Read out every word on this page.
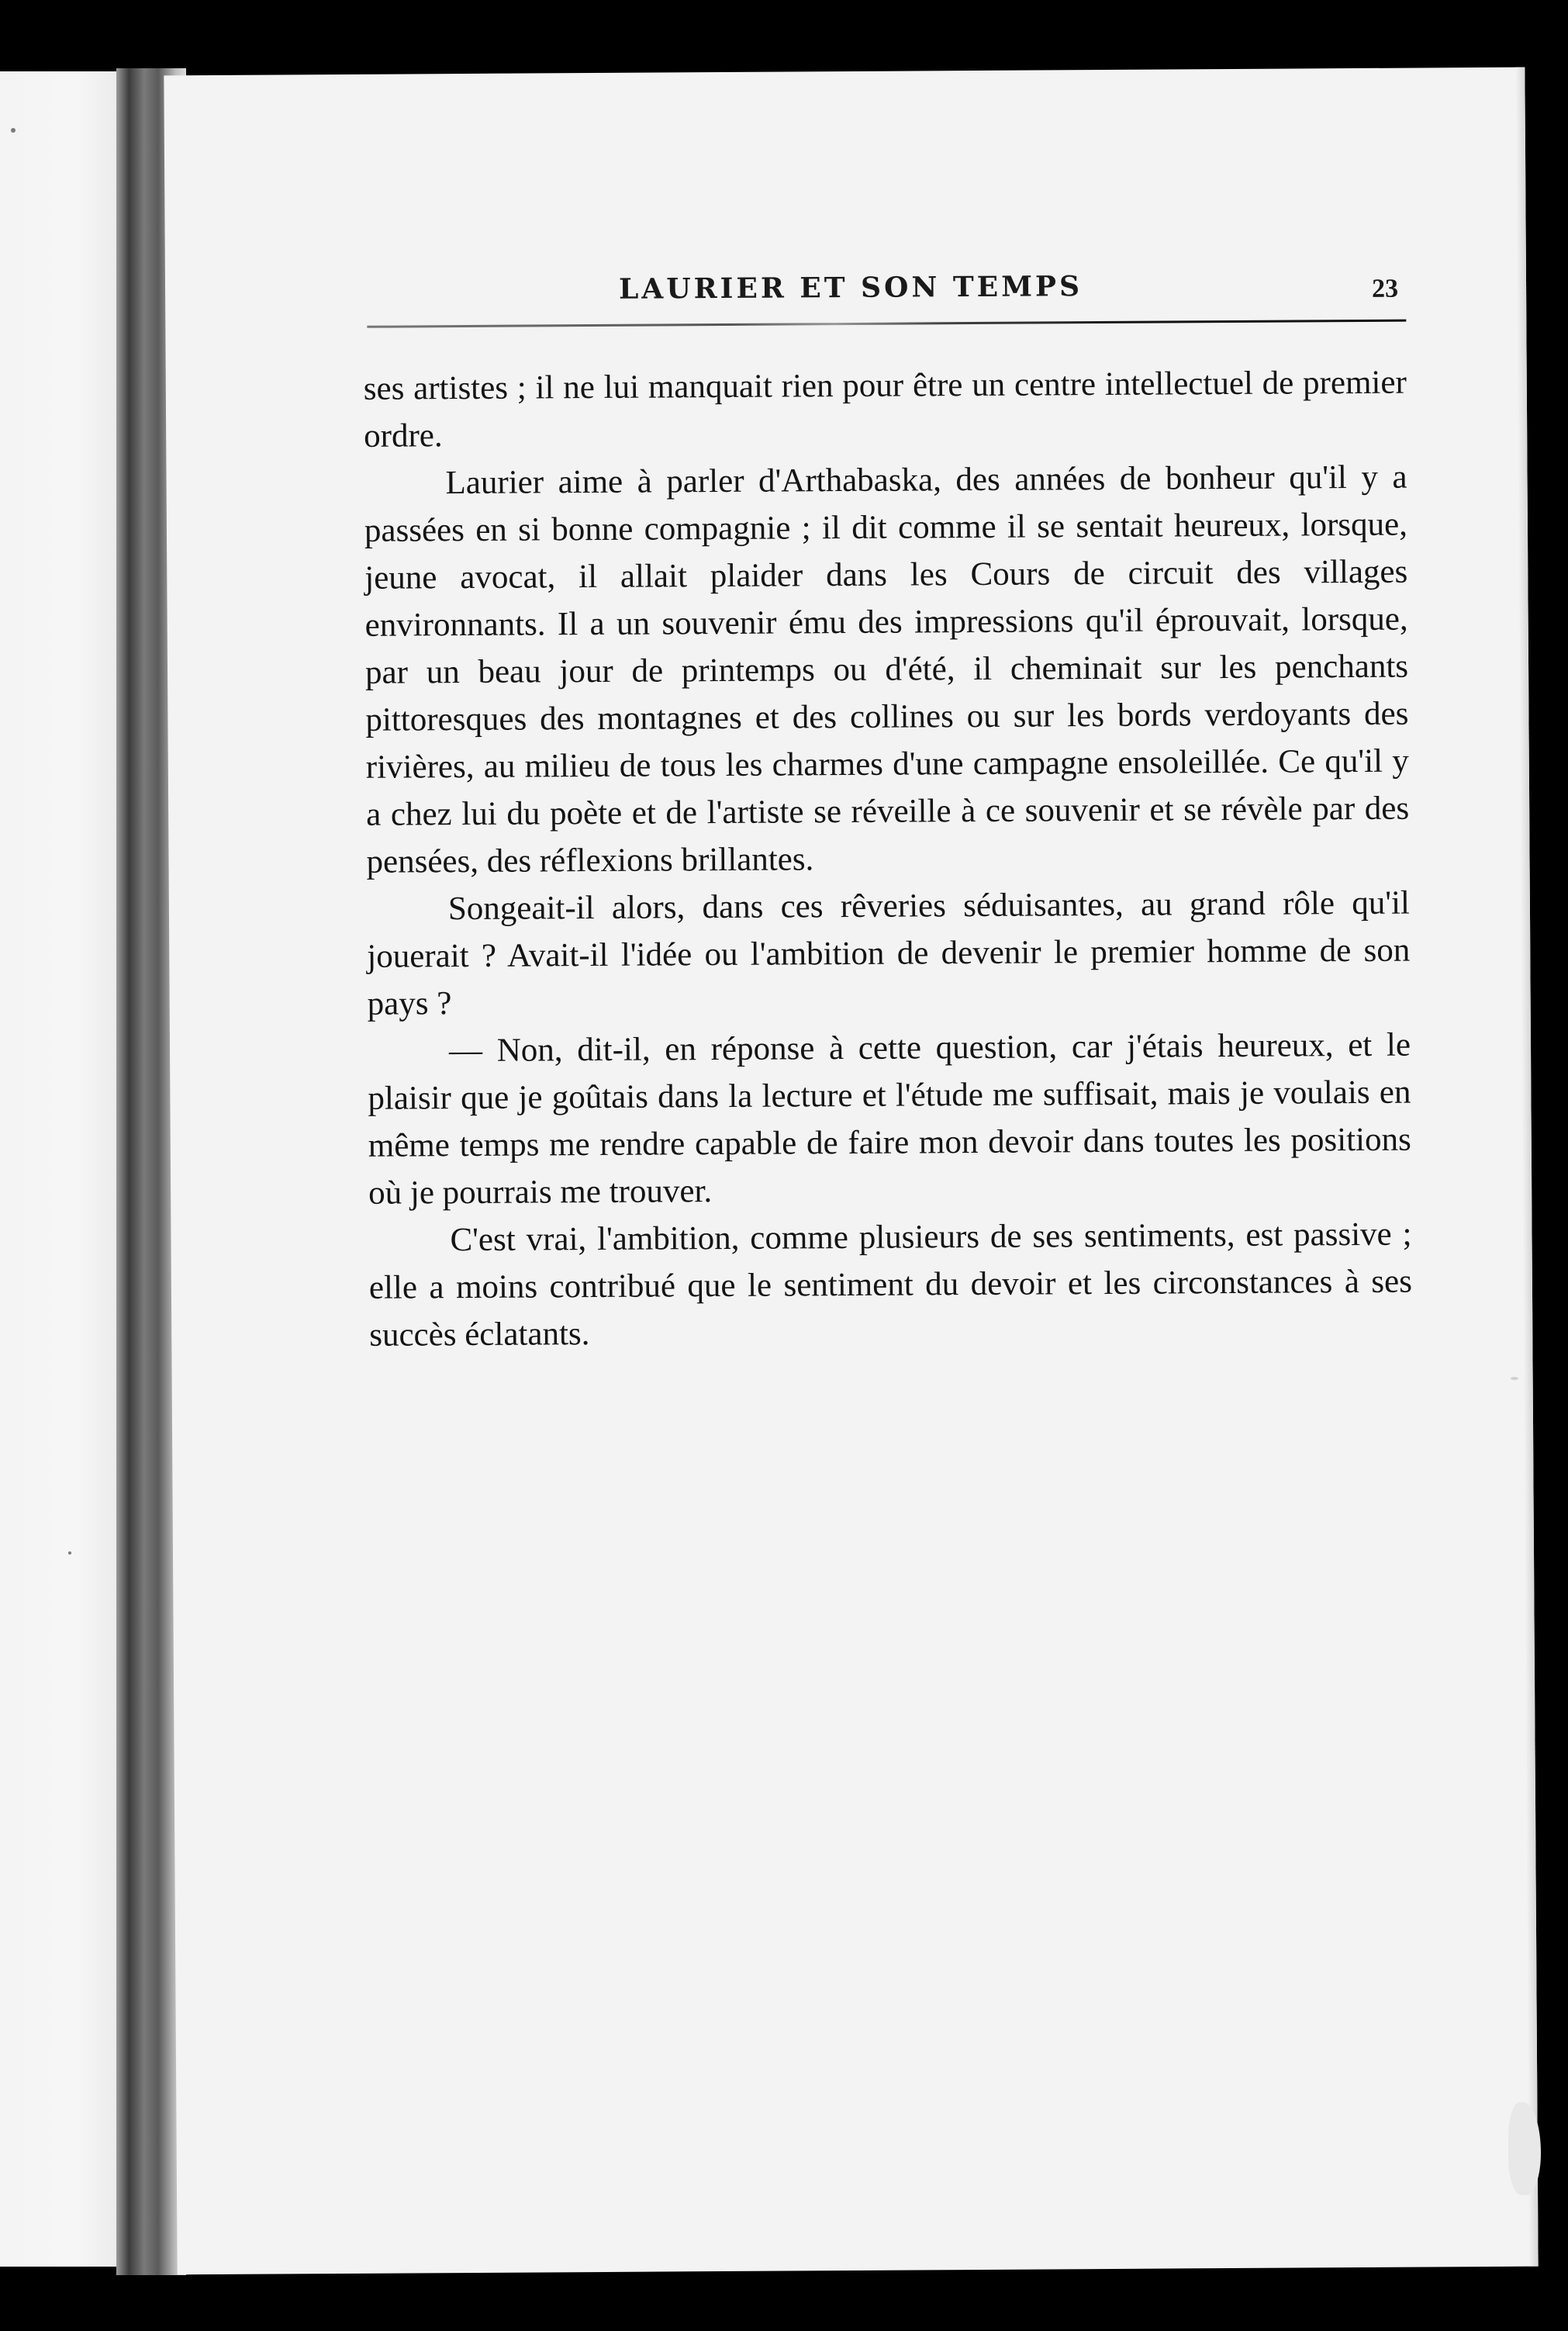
LAURIER ET SON TEMPS	23

ses artistes ; il ne lui manquait rien pour être un centre intellectuel de premier ordre.

Laurier aime à parler d'Arthabaska, des années de bonheur qu'il y a passées en si bonne compagnie ; il dit comme il se sentait heureux, lorsque, jeune avocat, il allait plaider dans les Cours de circuit des villages environnants. Il a un souvenir ému des impressions qu'il éprouvait, lorsque, par un beau jour de printemps ou d'été, il cheminait sur les penchants pittoresques des montagnes et des collines ou sur les bords verdoyants des rivières, au milieu de tous les charmes d'une campagne ensoleillée. Ce qu'il y a chez lui du poète et de l'artiste se réveille à ce souvenir et se révèle par des pensées, des réflexions brillantes.

Songeait-il alors, dans ces rêveries séduisantes, au grand rôle qu'il jouerait ? Avait-il l'idée ou l'ambition de devenir le premier homme de son pays ?

— Non, dit-il, en réponse à cette question, car j'étais heureux, et le plaisir que je goûtais dans la lecture et l'étude me suffisait, mais je voulais en même temps me rendre capable de faire mon devoir dans toutes les positions où je pourrais me trouver.

C'est vrai, l'ambition, comme plusieurs de ses sentiments, est passive ; elle a moins contribué que le sentiment du devoir et les circonstances à ses succès éclatants.
